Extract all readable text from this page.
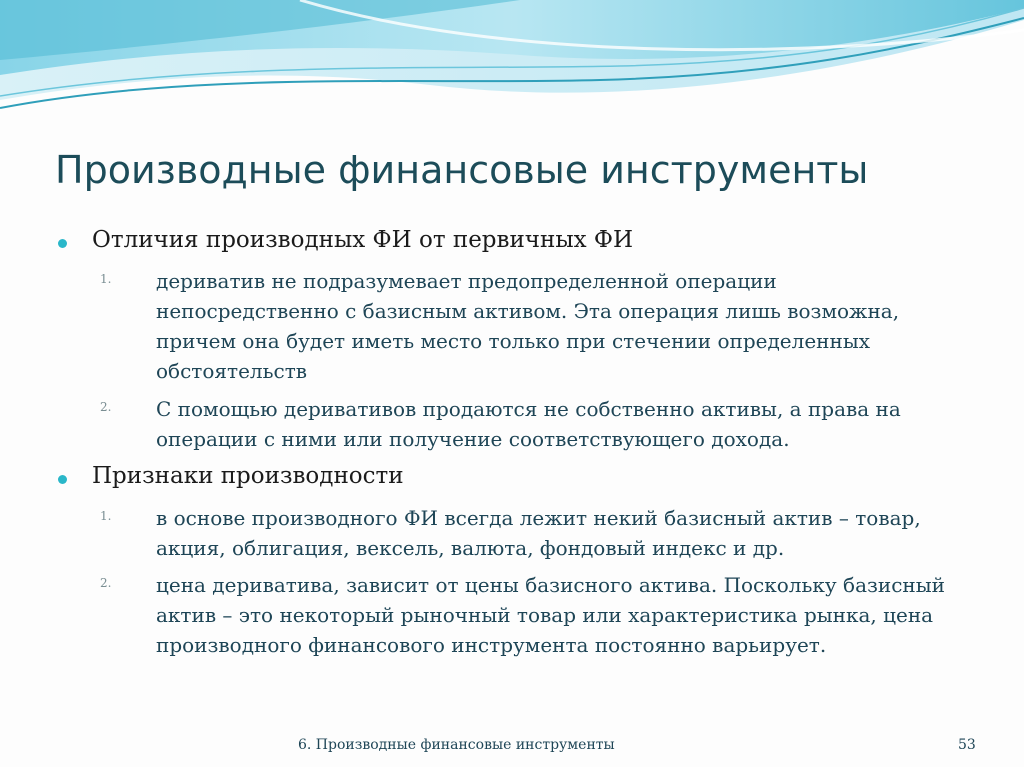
Производные финансовые инструменты
Отличия производных ФИ от первичных ФИ
1. дериватив не подразумевает предопределенной операции непосредственно с базисным активом. Эта операция лишь возможна, причем она будет иметь место только при стечении определенных обстоятельств
2. С помощью деривативов продаются не собственно активы, а права на операции с ними или получение соответствующего дохода.
Признаки производности
1. в основе производного ФИ всегда лежит некий базисный актив – товар, акция, облигация, вексель, валюта, фондовый индекс и др.
2. цена дериватива, зависит от цены базисного актива. Поскольку базисный актив – это некоторый рыночный товар или характеристика рынка, цена производного финансового инструмента постоянно варьирует.
6. Производные финансовые инструменты	53
